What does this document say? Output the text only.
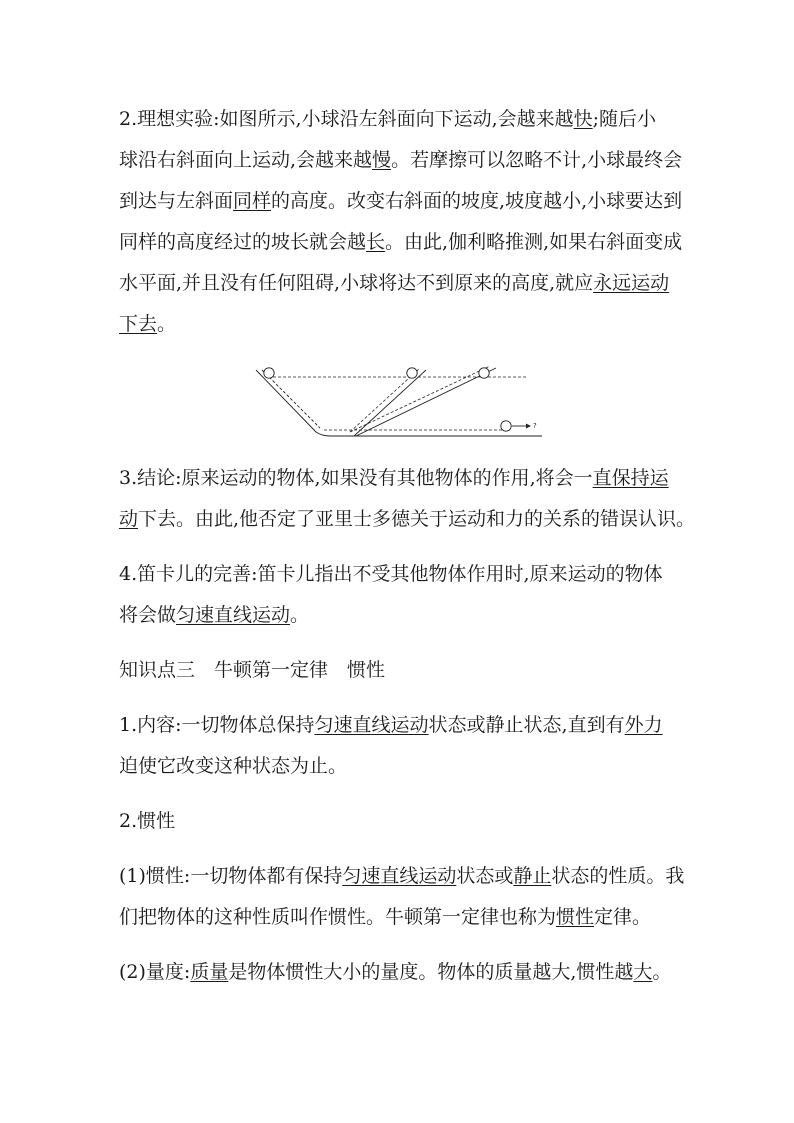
2.理想实验:如图所示,小球沿左斜面向下运动,会越来越快;随后小
球沿右斜面向上运动,会越来越慢。若摩擦可以忽略不计,小球最终会
到达与左斜面同样的高度。改变右斜面的坡度,坡度越小,小球要达到
同样的高度经过的坡长就会越长。由此,伽利略推测,如果右斜面变成
水平面,并且没有任何阻碍,小球将达不到原来的高度,就应永远运动
下去。
?
3.结论:原来运动的物体,如果没有其他物体的作用,将会一直保持运
动下去。由此,他否定了亚里士多德关于运动和力的关系的错误认识。
4.笛卡儿的完善:笛卡儿指出不受其他物体作用时,原来运动的物体
将会做匀速直线运动。
知识点三　牛顿第一定律　惯性
1.内容:一切物体总保持匀速直线运动状态或静止状态,直到有外力
迫使它改变这种状态为止。
2.惯性
(1)惯性:一切物体都有保持匀速直线运动状态或静止状态的性质。我
们把物体的这种性质叫作惯性。牛顿第一定律也称为惯性定律。
(2)量度:质量是物体惯性大小的量度。物体的质量越大,惯性越大。
